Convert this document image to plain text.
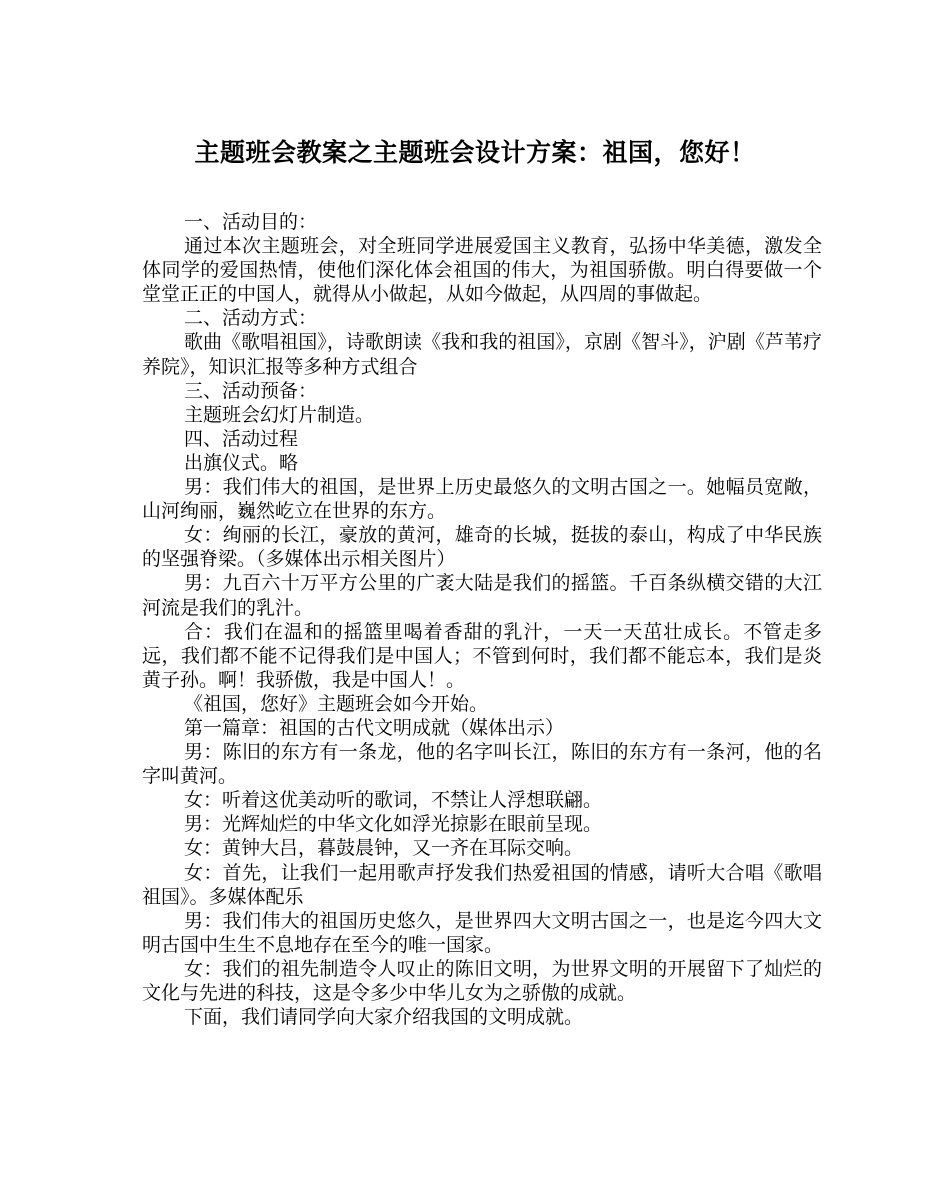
主题班会教案之主题班会设计方案：祖国，您好！

一、活动目的：

通过本次主题班会，对全班同学进展爱国主义教育，弘扬中华美德，激发全体同学的爱国热情，使他们深化体会祖国的伟大，为祖国骄傲。明白得要做一个堂堂正正的中国人，就得从小做起，从如今做起，从四周的事做起。

二、活动方式：

歌曲《歌唱祖国》，诗歌朗读《我和我的祖国》，京剧《智斗》，沪剧《芦苇疗养院》，知识汇报等多种方式组合

三、活动预备：

主题班会幻灯片制造。

四、活动过程

出旗仪式。略

男：我们伟大的祖国，是世界上历史最悠久的文明古国之一。她幅员宽敞，山河绚丽，巍然屹立在世界的东方。

女：绚丽的长江，豪放的黄河，雄奇的长城，挺拔的泰山，构成了中华民族的坚强脊梁。（多媒体出示相关图片）

男：九百六十万平方公里的广袤大陆是我们的摇篮。千百条纵横交错的大江河流是我们的乳汁。

合：我们在温和的摇篮里喝着香甜的乳汁，一天一天茁壮成长。不管走多远，我们都不能不记得我们是中国人；不管到何时，我们都不能忘本，我们是炎黄子孙。啊！我骄傲，我是中国人！。

《祖国，您好》主题班会如今开始。

第一篇章：祖国的古代文明成就（媒体出示）

男：陈旧的东方有一条龙，他的名字叫长江，陈旧的东方有一条河，他的名字叫黄河。

女：听着这优美动听的歌词，不禁让人浮想联翩。

男：光辉灿烂的中华文化如浮光掠影在眼前呈现。

女：黄钟大吕，暮鼓晨钟，又一齐在耳际交响。

女：首先，让我们一起用歌声抒发我们热爱祖国的情感，请听大合唱《歌唱祖国》。多媒体配乐

男：我们伟大的祖国历史悠久，是世界四大文明古国之一，也是迄今四大文明古国中生生不息地存在至今的唯一国家。

女：我们的祖先制造令人叹止的陈旧文明，为世界文明的开展留下了灿烂的文化与先进的科技，这是令多少中华儿女为之骄傲的成就。

下面，我们请同学向大家介绍我国的文明成就。
